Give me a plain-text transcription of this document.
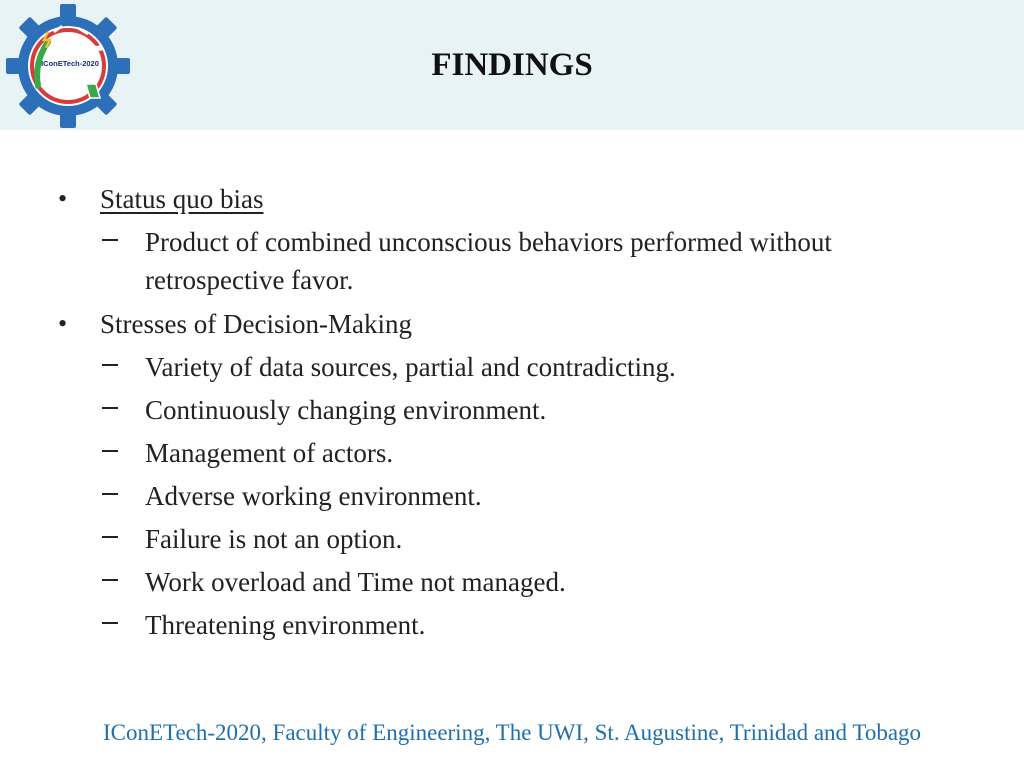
IConETech-2020	FINDINGS
•	Status quo bias
Product of combined unconscious behaviors performed without retrospective favor.
•	Stresses of Decision-Making
Variety of data sources, partial and contradicting.
Continuously changing environment.
Management of actors.
Adverse working environment.
Failure is not an option.
Work overload and Time not managed.
Threatening environment.
IConETech-2020, Faculty of Engineering, The UWI, St. Augustine, Trinidad and Tobago
